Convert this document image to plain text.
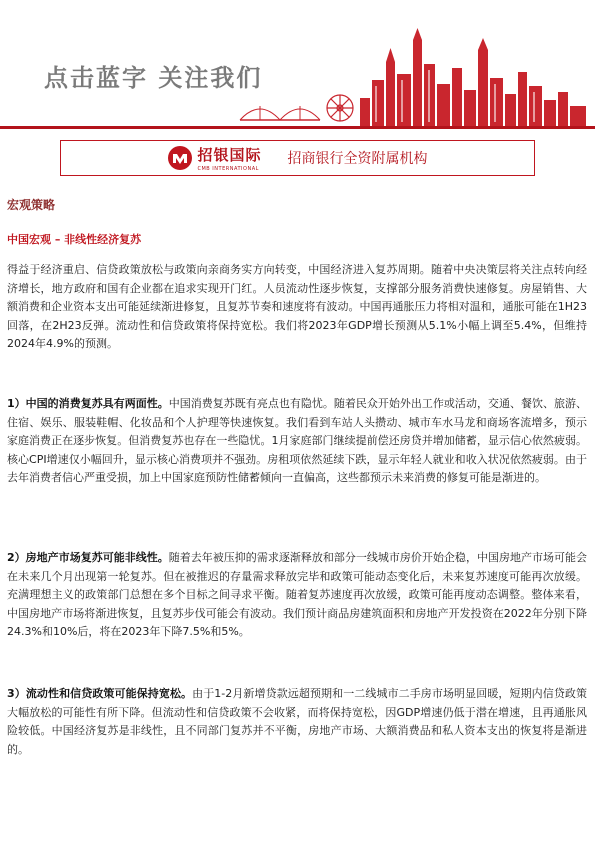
点击蓝字 关注我们
招银国际
CMB INTERNATIONAL
招商银行全资附属机构
宏观策略
中国宏观 – 非线性经济复苏

得益于经济重启、信贷政策放松与政策向亲商务实方向转变，中国经济进入复苏周期。随着中央决策层将关注点转向经济增长，地方政府和国有企业都在追求实现开门红。人员流动性逐步恢复，支撑部分服务消费快速修复。房屋销售、大额消费和企业资本支出可能延续渐进修复，且复苏节奏和速度将有波动。中国再通胀压力将相对温和，通胀可能在1H23回落，在2H23反弹。流动性和信贷政策将保持宽松。我们将2023年GDP增长预测从5.1%小幅上调至5.4%，但维持2024年4.9%的预测。

1）中国的消费复苏具有两面性。中国消费复苏既有亮点也有隐忧。随着民众开始外出工作或活动，交通、餐饮、旅游、住宿、娱乐、服装鞋帽、化妆品和个人护理等快速恢复。我们看到车站人头攒动、城市车水马龙和商场客流增多，预示家庭消费正在逐步恢复。但消费复苏也存在一些隐忧。1月家庭部门继续提前偿还房贷并增加储蓄，显示信心依然疲弱。核心CPI增速仅小幅回升，显示核心消费项并不强劲。房租项依然延续下跌，显示年轻人就业和收入状况依然疲弱。由于去年消费者信心严重受损，加上中国家庭预防性储蓄倾向一直偏高，这些都预示未来消费的修复可能是渐进的。

2）房地产市场复苏可能非线性。随着去年被压抑的需求逐渐释放和部分一线城市房价开始企稳，中国房地产市场可能会在未来几个月出现第一轮复苏。但在被推迟的存量需求释放完毕和政策可能动态变化后，未来复苏速度可能再次放缓。充满理想主义的政策部门总想在多个目标之间寻求平衡。随着复苏速度再次放缓，政策可能再度动态调整。整体来看，中国房地产市场将渐进恢复，且复苏步伐可能会有波动。我们预计商品房建筑面积和房地产开发投资在2022年分别下降24.3%和10%后，将在2023年下降7.5%和5%。

3）流动性和信贷政策可能保持宽松。由于1-2月新增贷款远超预期和一二线城市二手房市场明显回暖，短期内信贷政策大幅放松的可能性有所下降。但流动性和信贷政策不会收紧，而将保持宽松，因GDP增速仍低于潜在增速，且再通胀风险较低。中国经济复苏是非线性，且不同部门复苏并不平衡，房地产市场、大额消费品和私人资本支出的恢复将是渐进的。
